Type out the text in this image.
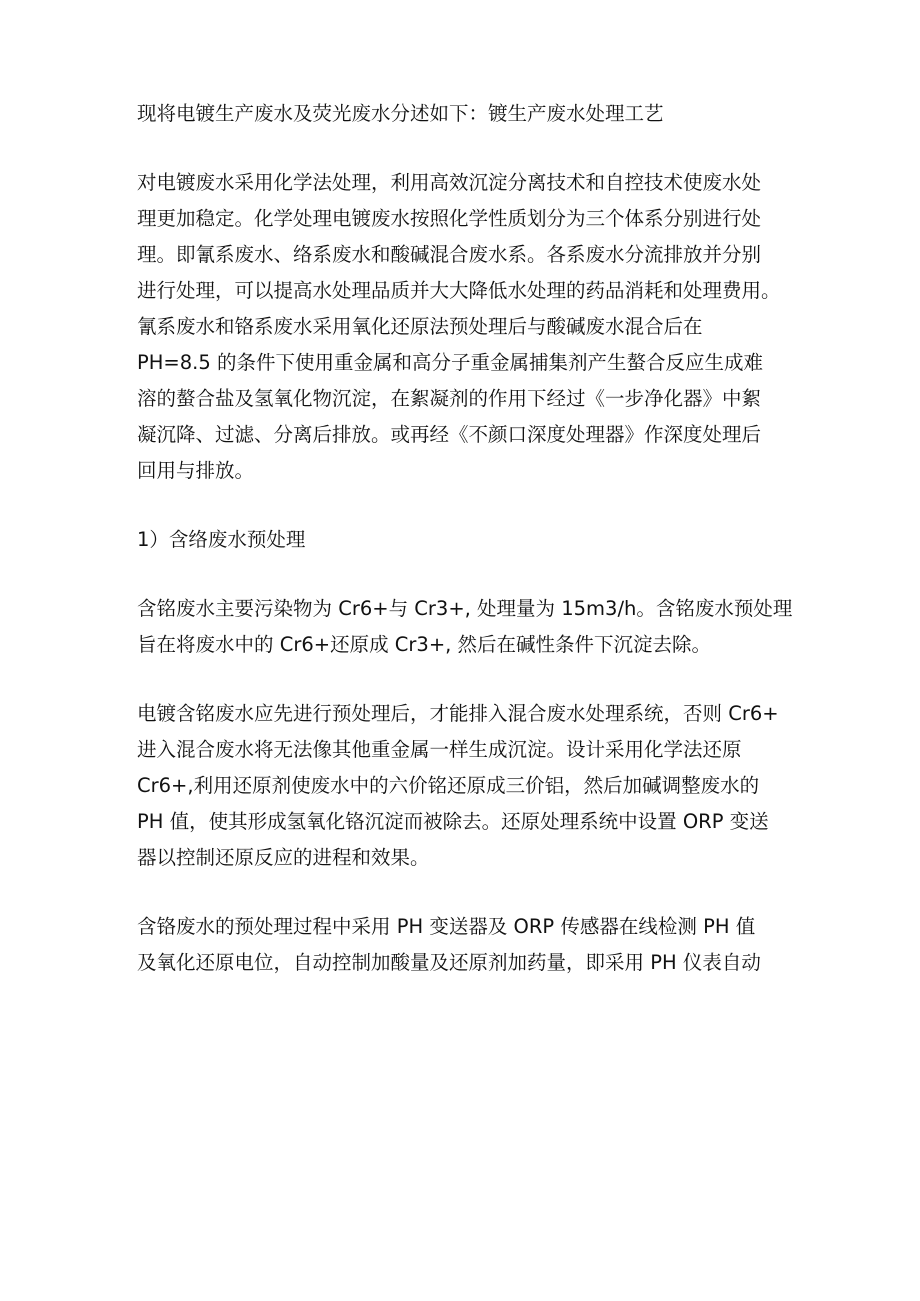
现将电镀生产废水及荧光废水分述如下：镀生产废水处理工艺
对电镀废水采用化学法处理，利用高效沉淀分离技术和自控技术使废水处
理更加稳定。化学处理电镀废水按照化学性质划分为三个体系分别进行处
理。即氰系废水、络系废水和酸碱混合废水系。各系废水分流排放并分别
进行处理，可以提高水处理品质并大大降低水处理的药品消耗和处理费用。
氰系废水和铬系废水采用氧化还原法预处理后与酸碱废水混合后在
PH=8.5 的条件下使用重金属和高分子重金属捕集剂产生螯合反应生成难
溶的螯合盐及氢氧化物沉淀，在絮凝剂的作用下经过《一步净化器》中絮
凝沉降、过滤、分离后排放。或再经《不颜口深度处理器》作深度处理后
回用与排放。
1）含络废水预处理
含铭废水主要污染物为 Cr6+与 Cr3+, 处理量为 15m3∕h。含铭废水预处理
旨在将废水中的 Cr6+还原成 Cr3+, 然后在碱性条件下沉淀去除。
电镀含铭废水应先进行预处理后，才能排入混合废水处理系统，否则 Cr6+
进入混合废水将无法像其他重金属一样生成沉淀。设计采用化学法还原
Cr6+,利用还原剂使废水中的六价铭还原成三价铝，然后加碱调整废水的
PH 值，使其形成氢氧化铬沉淀而被除去。还原处理系统中设置 ORP 变送
器以控制还原反应的进程和效果。
含铬废水的预处理过程中采用 PH 变送器及 ORP 传感器在线检测 PH 值
及氧化还原电位，自动控制加酸量及还原剂加药量，即采用 PH 仪表自动
